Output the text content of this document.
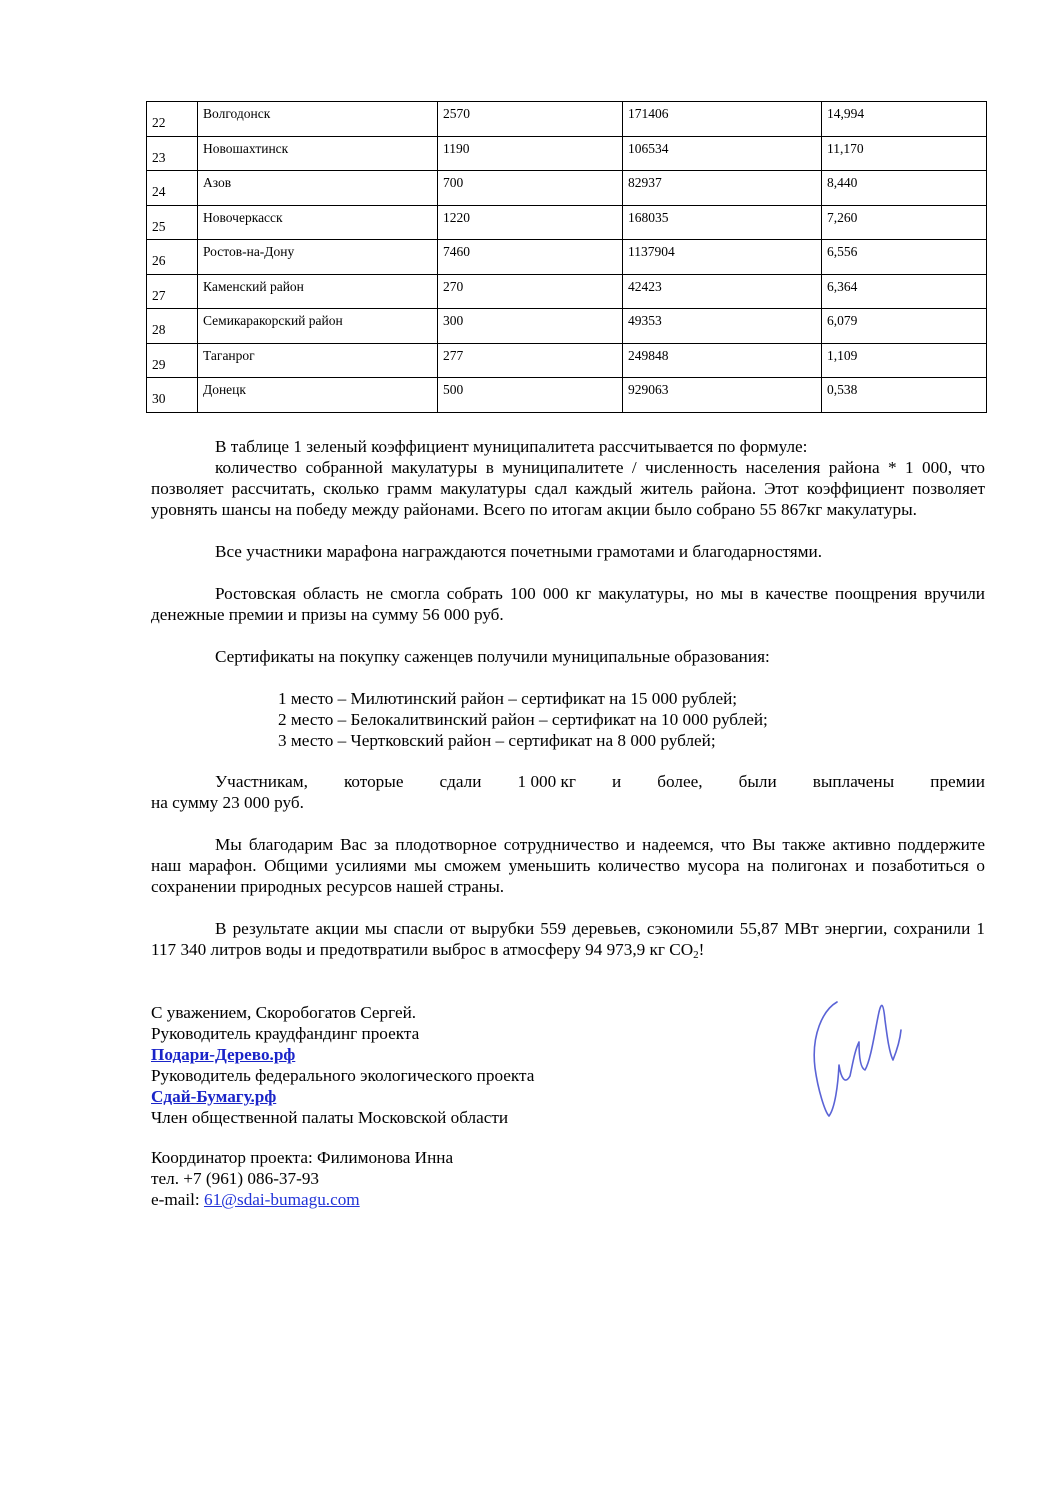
22	Волгодонск	2570	171406	14,994

23	Новошахтинск	1190	106534	11,170

24	Азов	700	82937	8,440

25	Новочеркасск	1220	168035	7,260

26	Ростов-на-Дону	7460	1137904	6,556

27	Каменский район	270	42423	6,364

28	Семикаракорский район	300	49353	6,079

29	Таганрог	277	249848	1,109

30	Донецк	500	929063	0,538
В таблице 1 зеленый коэффициент муниципалитета рассчитывается по формуле:
количество собранной макулатуры в муниципалитете / численность населения района * 1 000, что позволяет рассчитать, сколько грамм макулатуры сдал каждый житель района. Этот коэффициент позволяет уровнять шансы на победу между районами. Всего по итогам акции было собрано 55 867кг макулатуры.
Все участники марафона награждаются почетными грамотами и благодарностями.
Ростовская область не смогла собрать 100 000 кг макулатуры, но мы в качестве поощрения вручили денежные премии и призы на сумму 56 000 руб.
Сертификаты на покупку саженцев получили муниципальные образования:
1 место – Милютинский район – сертификат на 15 000 рублей;
2 место – Белокалитвинский район – сертификат на 10 000 рублей;
3 место – Чертковский район – сертификат на 8 000 рублей;
Участникам, которые сдали 1 000 кг и более, были выплачены премии
на сумму 23 000 руб.
Мы благодарим Вас за плодотворное сотрудничество и надеемся, что Вы также активно поддержите наш марафон. Общими усилиями мы сможем уменьшить количество мусора на полигонах и позаботиться о сохранении природных ресурсов нашей страны.
В результате акции мы спасли от вырубки 559 деревьев, сэкономили 55,87 МВт энергии, сохранили 1 117 340 литров воды и предотвратили выброс в атмосферу 94 973,9 кг $CO_2$!
С уважением, Скоробогатов Сергей.
Руководитель краудфандинг проекта
Подари-Дерево.рф
Руководитель федерального экологического проекта
Сдай-Бумагу.рф
Член общественной палаты Московской области
Координатор проекта: Филимонова Инна
тел. +7 (961) 086-37-93
e-mail: 61@sdai-bumagu.com
